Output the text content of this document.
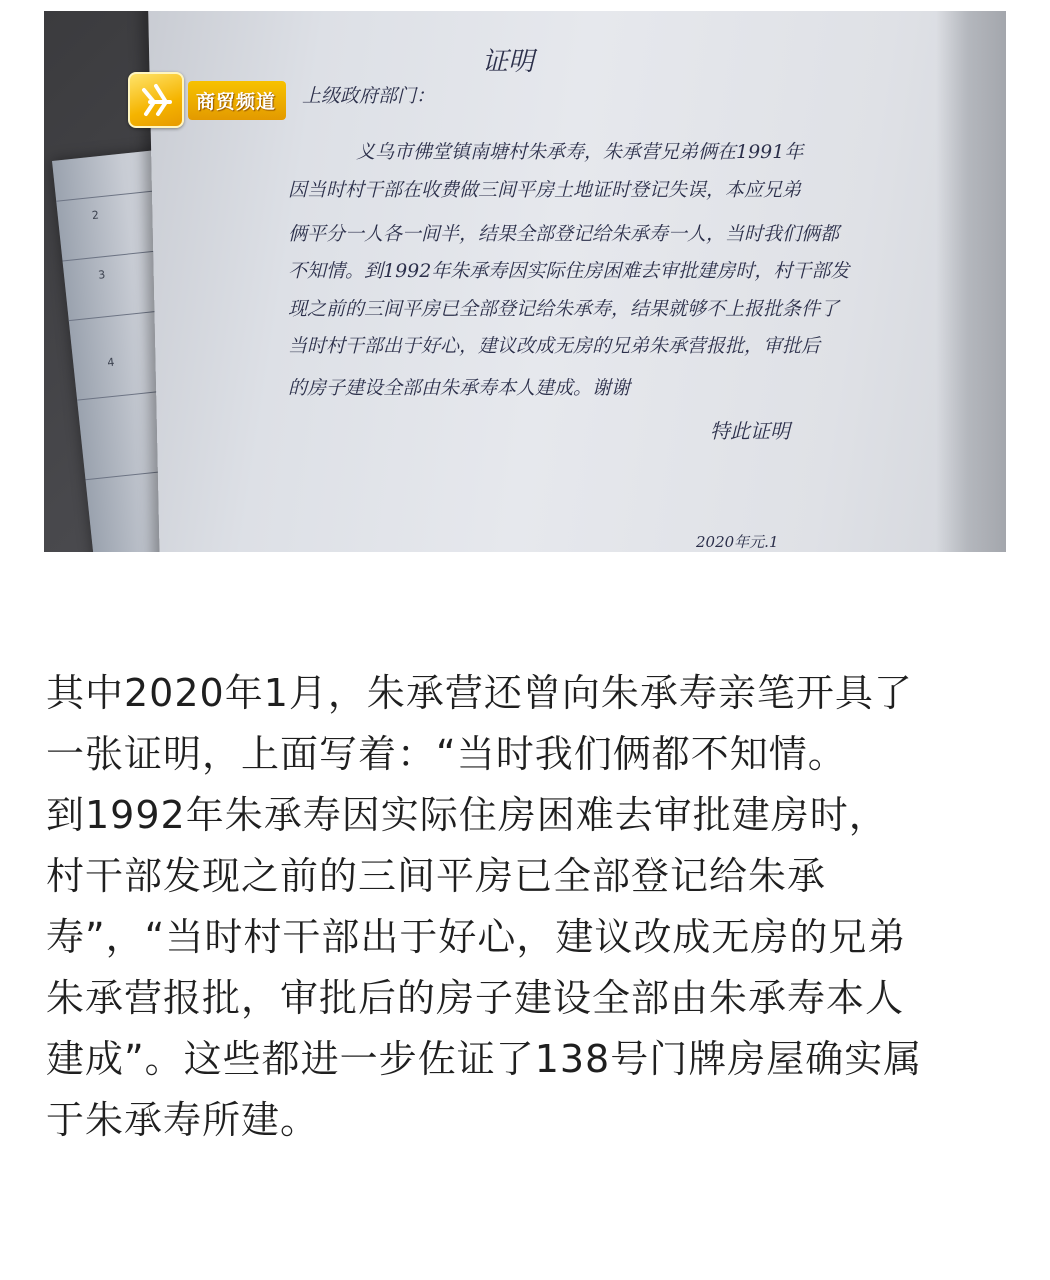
2
3
4
证明
上级政府部门：
义乌市佛堂镇南塘村朱承寿，朱承营兄弟俩在1991年
因当时村干部在收费做三间平房土地证时登记失误，本应兄弟
俩平分一人各一间半，结果全部登记给朱承寿一人，当时我们俩都
不知情。到1992年朱承寿因实际住房困难去审批建房时，村干部发
现之前的三间平房已全部登记给朱承寿，结果就够不上报批条件了
当时村干部出于好心，建议改成无房的兄弟朱承营报批，审批后
的房子建设全部由朱承寿本人建成。谢谢
特此证明
2020年元.1
商贸频道
其中2020年1月，朱承营还曾向朱承寿亲笔开具了
一张证明，上面写着：“当时我们俩都不知情。
到1992年朱承寿因实际住房困难去审批建房时，
村干部发现之前的三间平房已全部登记给朱承
寿”，“当时村干部出于好心，建议改成无房的兄弟
朱承营报批，审批后的房子建设全部由朱承寿本人
建成”。这些都进一步佐证了138号门牌房屋确实属
于朱承寿所建。
